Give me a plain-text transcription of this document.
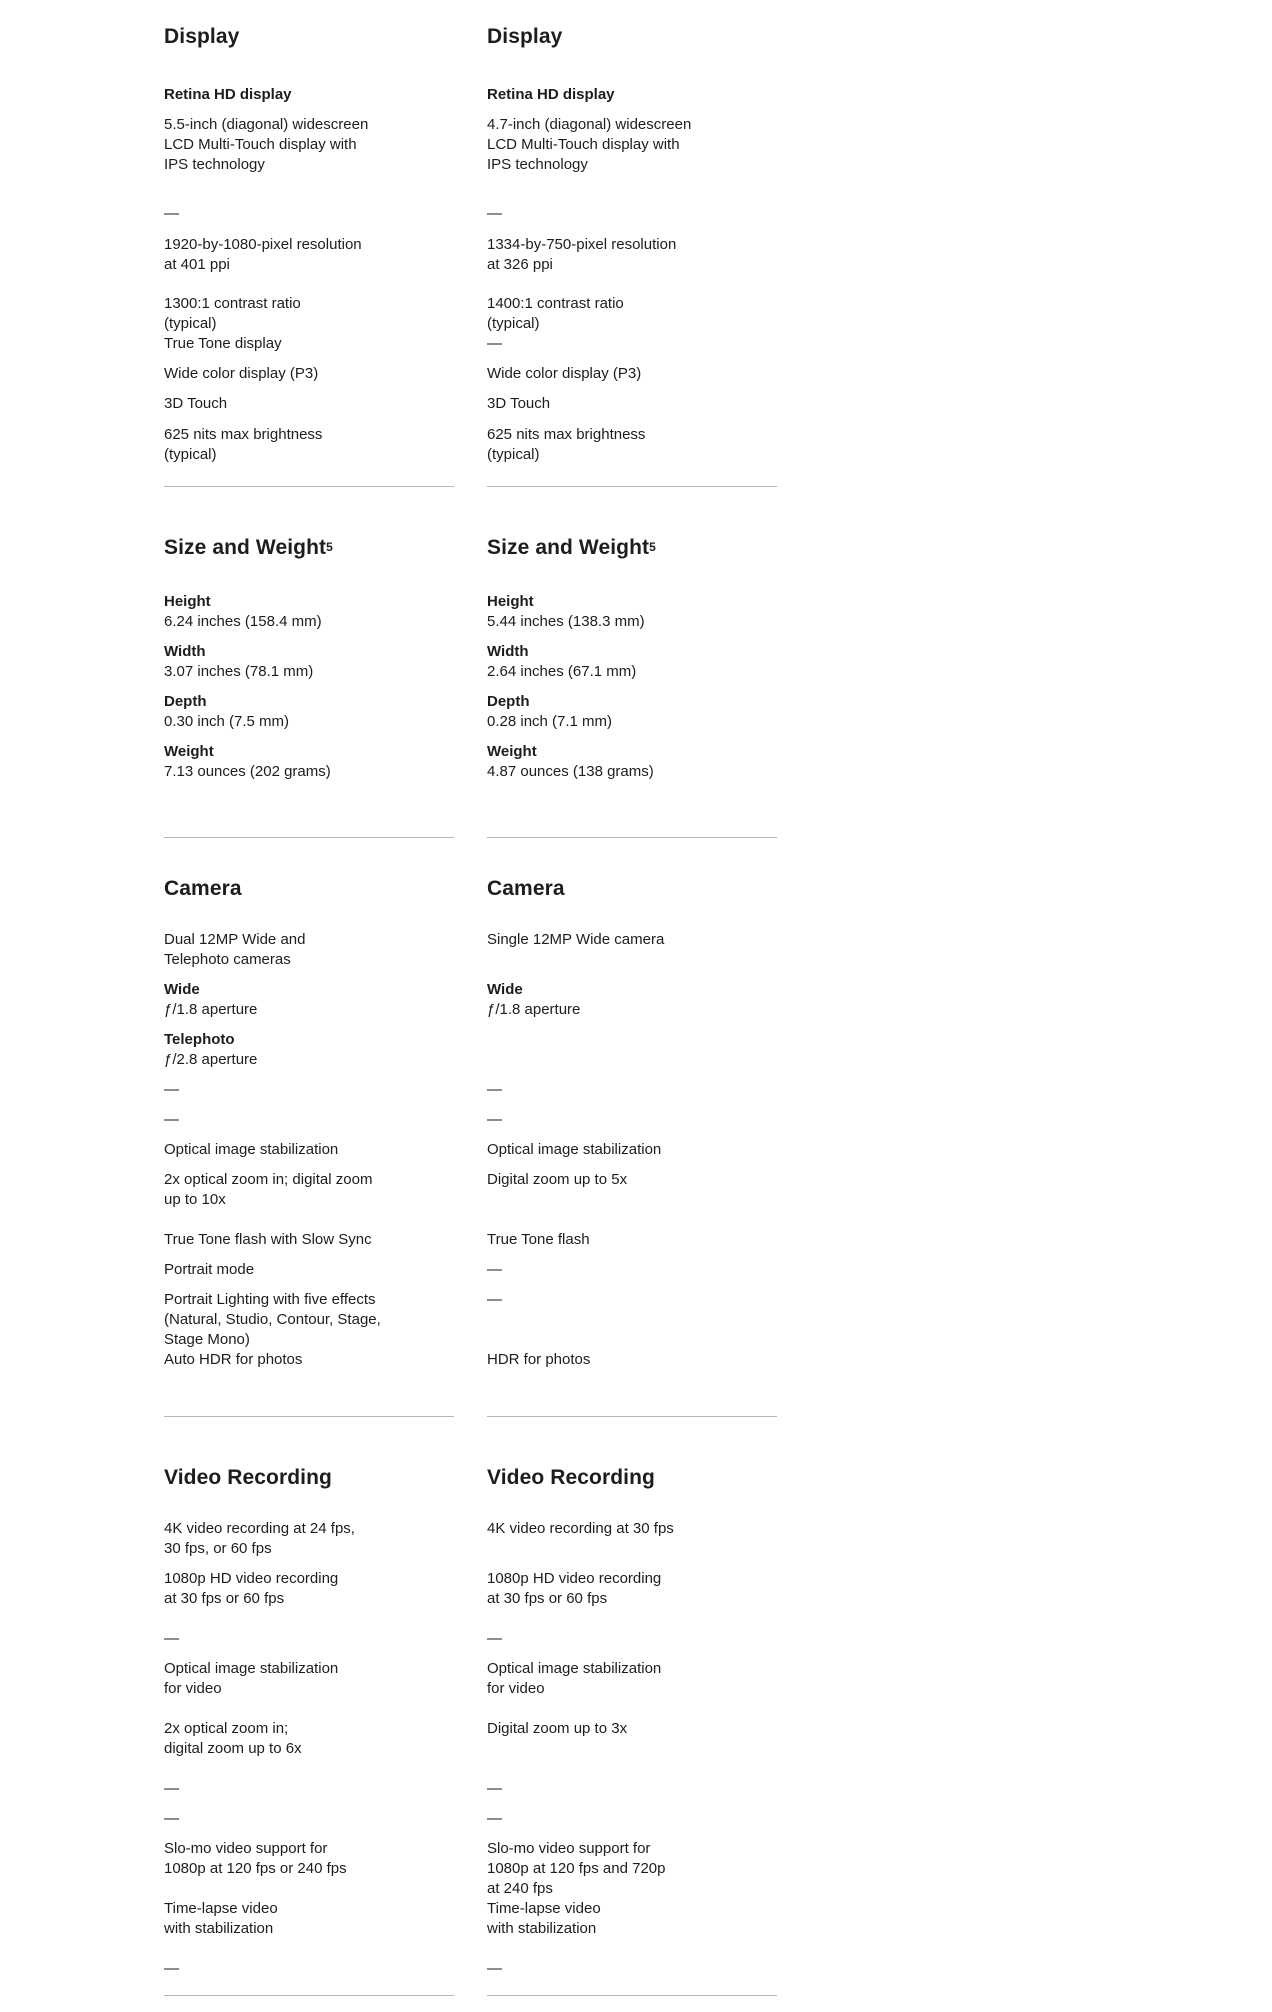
Display
Retina HD display
5.5-inch (diagonal) widescreen
LCD Multi-Touch display with
IPS technology
—
1920-by-1080-pixel resolution
at 401 ppi
1300:1 contrast ratio
(typical)
True Tone display
Wide color display (P3)
3D Touch
625 nits max brightness
(typical)
Display
Retina HD display
4.7-inch (diagonal) widescreen
LCD Multi-Touch display with
IPS technology
—
1334-by-750-pixel resolution
at 326 ppi
1400:1 contrast ratio
(typical)
—
Wide color display (P3)
3D Touch
625 nits max brightness
(typical)
Size and Weight$^5$
Height
6.24 inches (158.4 mm)
Width
3.07 inches (78.1 mm)
Depth
0.30 inch (7.5 mm)
Weight
7.13 ounces (202 grams)
Size and Weight$^5$
Height
5.44 inches (138.3 mm)
Width
2.64 inches (67.1 mm)
Depth
0.28 inch (7.1 mm)
Weight
4.87 ounces (138 grams)
Camera
Dual 12MP Wide and
Telephoto cameras
Wide
ƒ/1.8 aperture
Telephoto
ƒ/2.8 aperture
—
—
Optical image stabilization
2x optical zoom in; digital zoom
up to 10x
True Tone flash with Slow Sync
Portrait mode
Portrait Lighting with five effects
(Natural, Studio, Contour, Stage,
Stage Mono)
Auto HDR for photos
Camera
Single 12MP Wide camera
Wide
ƒ/1.8 aperture
—
—
Optical image stabilization
Digital zoom up to 5x
True Tone flash
—
—
HDR for photos
Video Recording
4K video recording at 24 fps,
30 fps, or 60 fps
1080p HD video recording
at 30 fps or 60 fps
—
Optical image stabilization
for video
2x optical zoom in;
digital zoom up to 6x
—
—
Slo-mo video support for
1080p at 120 fps or 240 fps
Time-lapse video
with stabilization
—
Video Recording
4K video recording at 30 fps
1080p HD video recording
at 30 fps or 60 fps
—
Optical image stabilization
for video
Digital zoom up to 3x
—
—
Slo-mo video support for
1080p at 120 fps and 720p
at 240 fps
Time-lapse video
with stabilization
—
